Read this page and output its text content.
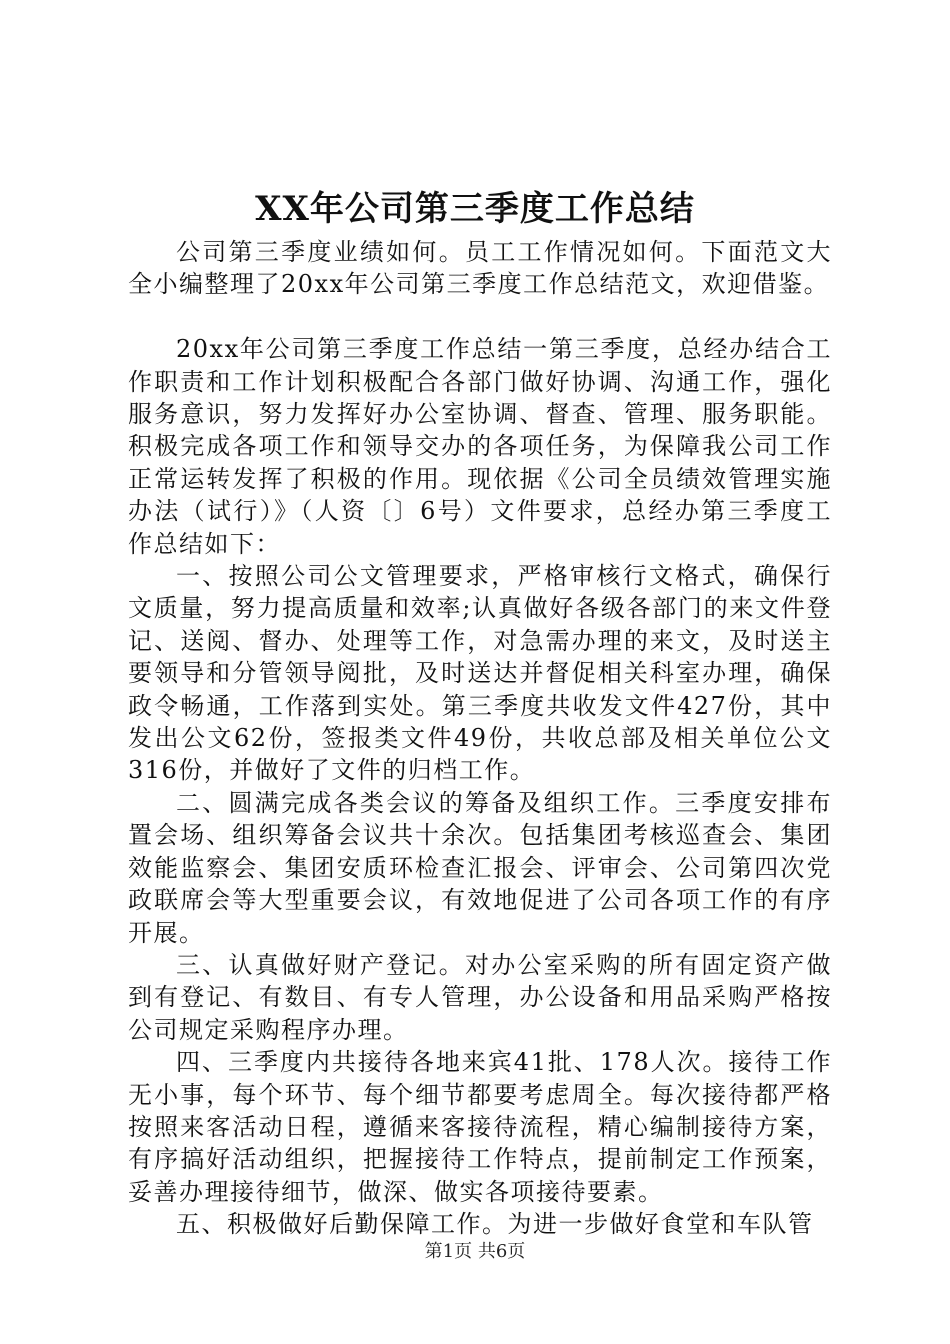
XX年公司第三季度工作总结

公司第三季度业绩如何。员工工作情况如何。下面范文大全小编整理了20xx年公司第三季度工作总结范文，欢迎借鉴。

20xx年公司第三季度工作总结一第三季度，总经办结合工作职责和工作计划积极配合各部门做好协调、沟通工作，强化服务意识，努力发挥好办公室协调、督查、管理、服务职能。积极完成各项工作和领导交办的各项任务，为保障我公司工作正常运转发挥了积极的作用。现依据《公司全员绩效管理实施办法（试行）》（人资〔〕6号）文件要求，总经办第三季度工作总结如下：

一、按照公司公文管理要求，严格审核行文格式，确保行文质量，努力提高质量和效率;认真做好各级各部门的来文件登记、送阅、督办、处理等工作，对急需办理的来文，及时送主要领导和分管领导阅批，及时送达并督促相关科室办理，确保政令畅通，工作落到实处。第三季度共收发文件427份，其中发出公文62份，签报类文件49份，共收总部及相关单位公文316份，并做好了文件的归档工作。

二、圆满完成各类会议的筹备及组织工作。三季度安排布置会场、组织筹备会议共十余次。包括集团考核巡查会、集团效能监察会、集团安质环检查汇报会、评审会、公司第四次党政联席会等大型重要会议，有效地促进了公司各项工作的有序开展。

三、认真做好财产登记。对办公室采购的所有固定资产做到有登记、有数目、有专人管理，办公设备和用品采购严格按公司规定采购程序办理。

四、三季度内共接待各地来宾41批、178人次。接待工作无小事，每个环节、每个细节都要考虑周全。每次接待都严格按照来客活动日程，遵循来客接待流程，精心编制接待方案，有序搞好活动组织，把握接待工作特点，提前制定工作预案，妥善办理接待细节，做深、做实各项接待要素。

五、积极做好后勤保障工作。为进一步做好食堂和车队管

第1页 共6页
